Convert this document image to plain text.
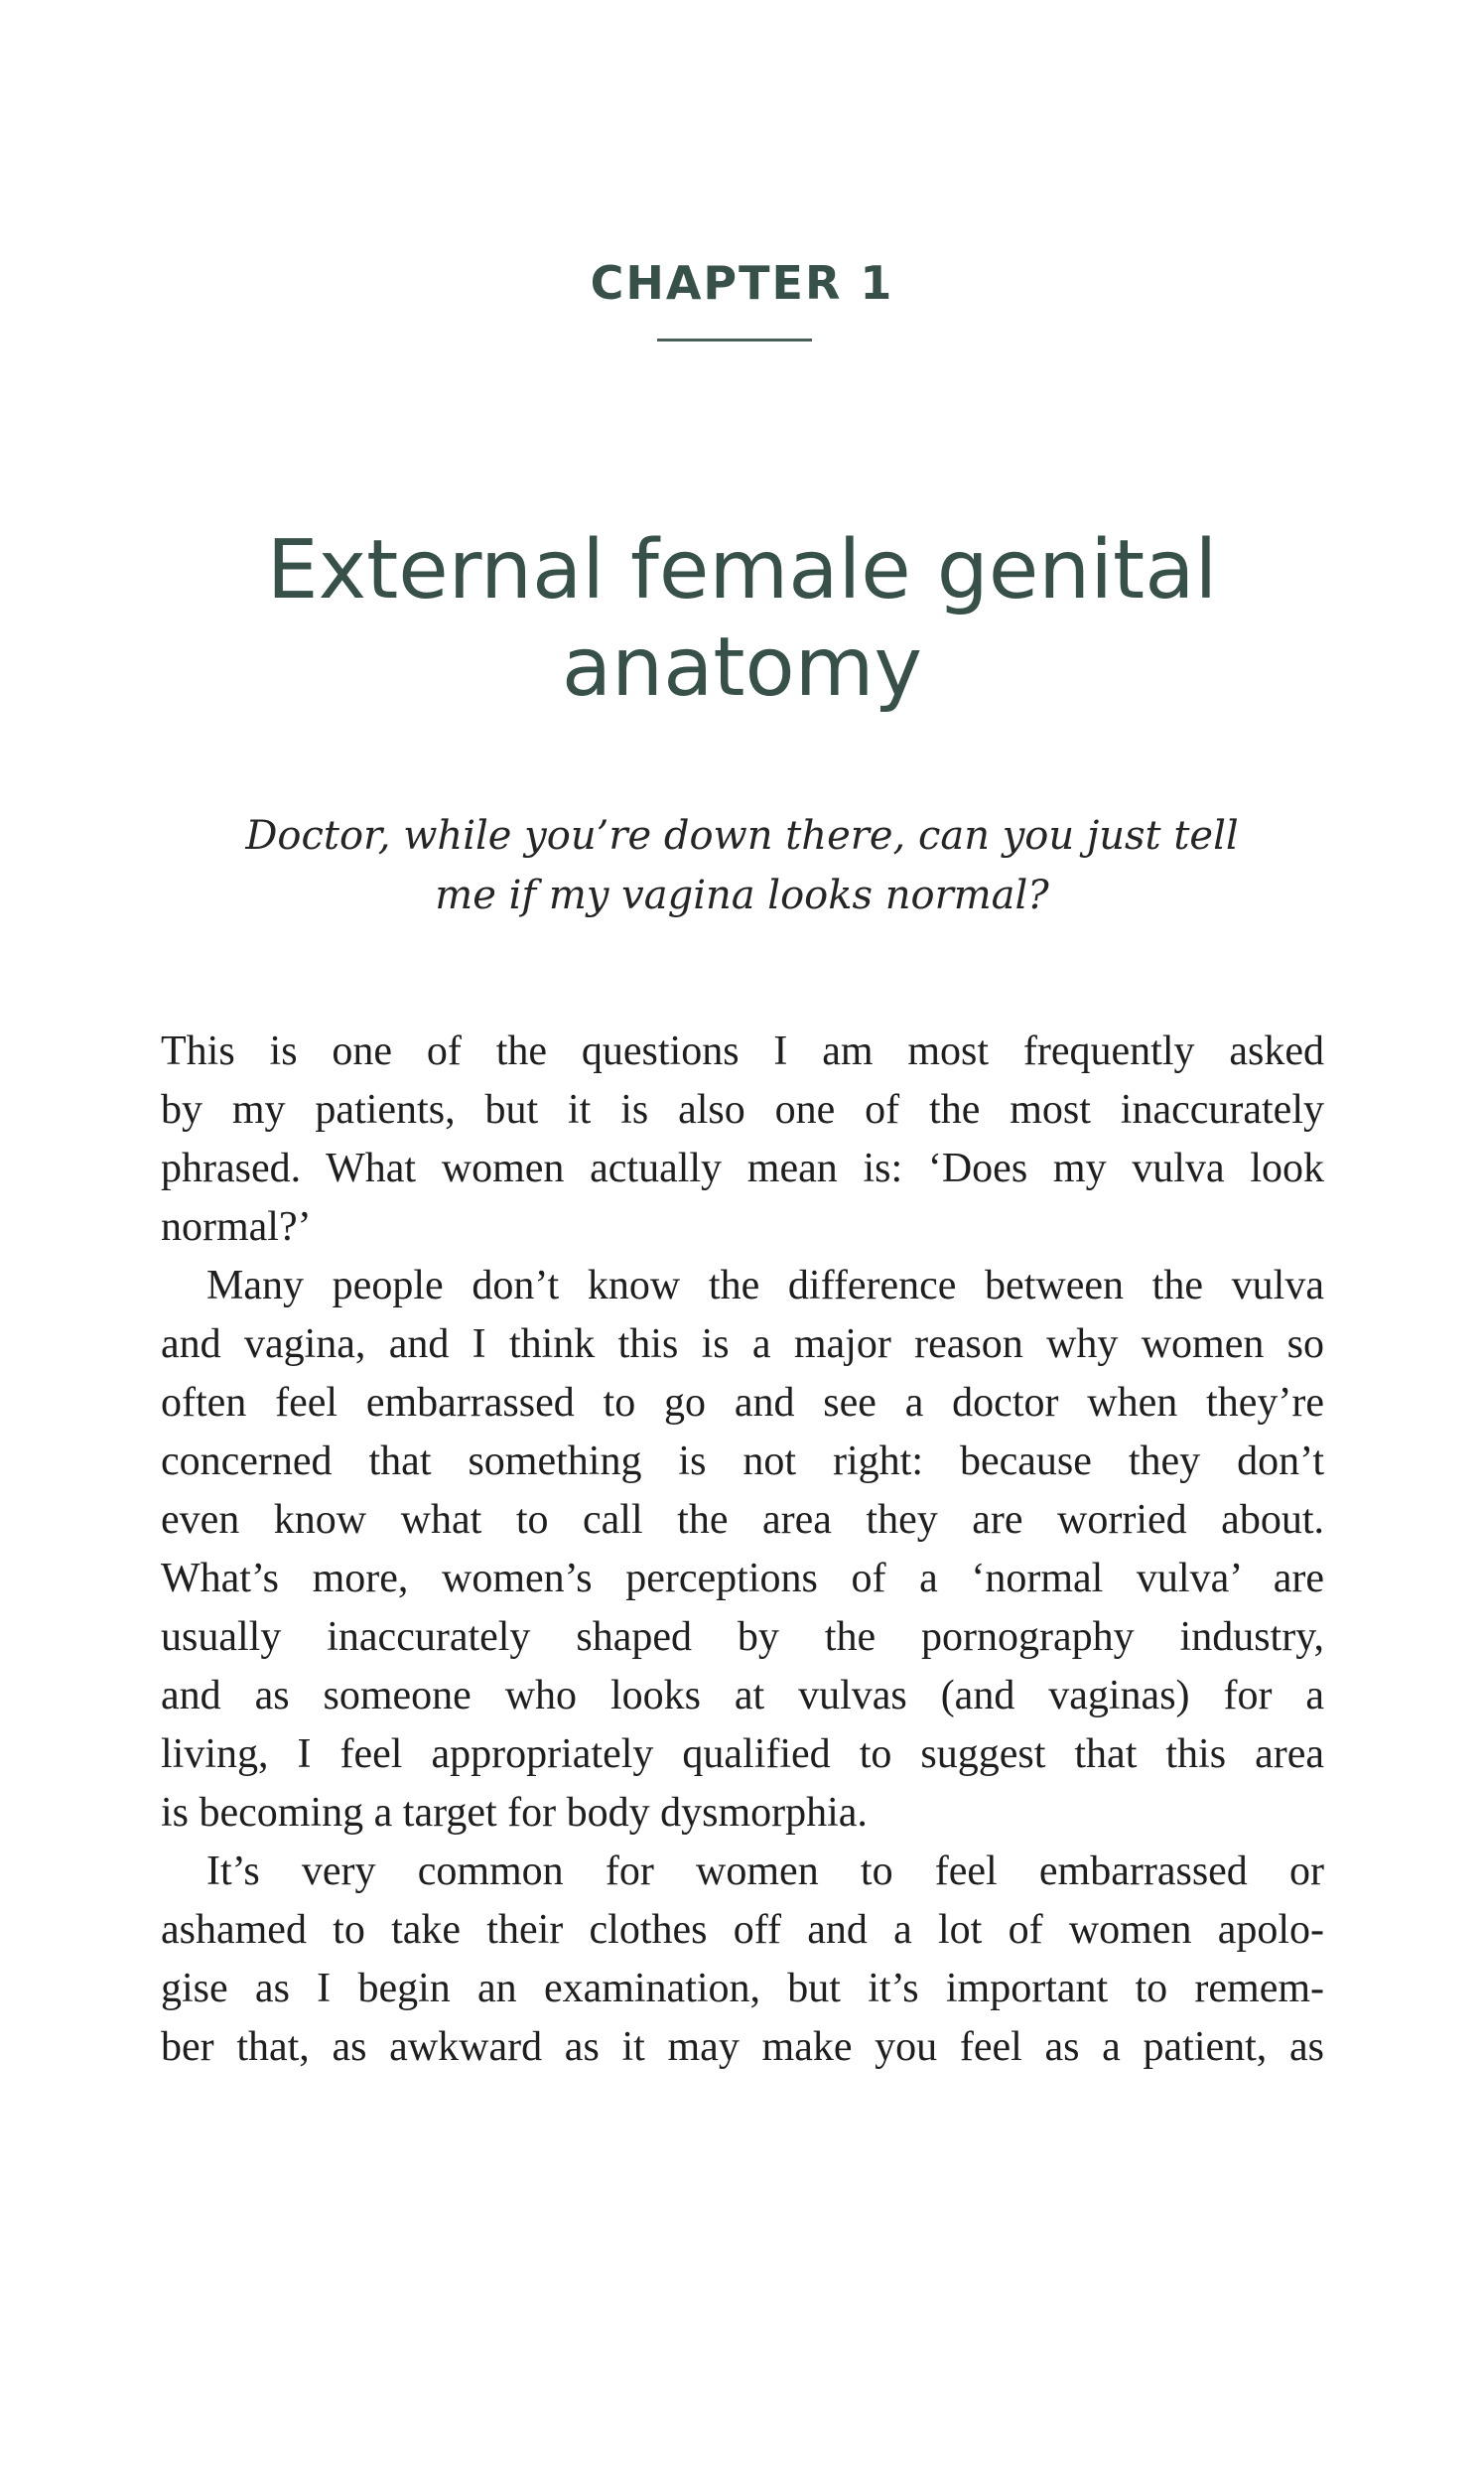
CHAPTER 1
External female genital
anatomy
Doctor, while you’re down there, can you just tell
me if my vagina looks normal?
This is one of the questions I am most frequently asked
by my patients, but it is also one of the most inaccurately
phrased. What women actually mean is: ‘Does my vulva look
normal?’
Many people don’t know the difference between the vulva
and vagina, and I think this is a major reason why women so
often feel embarrassed to go and see a doctor when they’re
concerned that something is not right: because they don’t
even know what to call the area they are worried about.
What’s more, women’s perceptions of a ‘normal vulva’ are
usually inaccurately shaped by the pornography industry,
and as someone who looks at vulvas (and vaginas) for a
living, I feel appropriately qualified to suggest that this area
is becoming a target for body dysmorphia.
It’s very common for women to feel embarrassed or
ashamed to take their clothes off and a lot of women apolo-
gise as I begin an examination, but it’s important to remem-
ber that, as awkward as it may make you feel as a patient, as
